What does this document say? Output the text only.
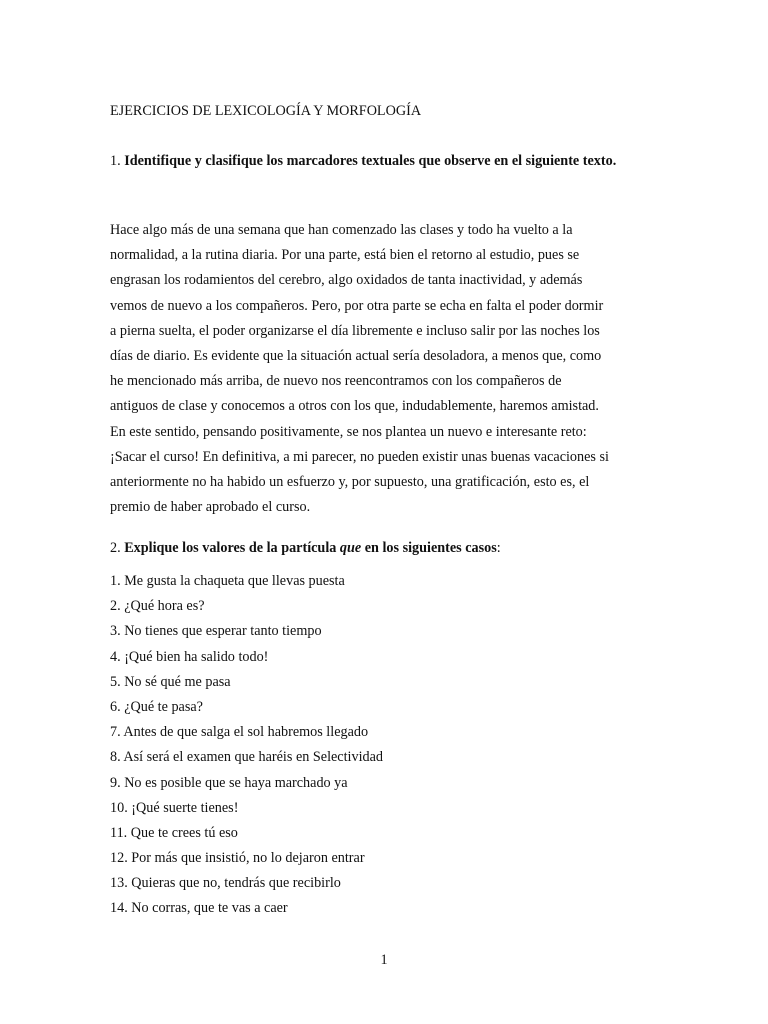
EJERCICIOS DE LEXICOLOGÍA Y MORFOLOGÍA
1. Identifique y clasifique los marcadores textuales que observe en el siguiente texto.
Hace algo más de una semana que han comenzado las clases y todo ha vuelto a la
normalidad, a la rutina diaria. Por una parte, está bien el retorno al estudio, pues se
engrasan los rodamientos del cerebro, algo oxidados de tanta inactividad, y además
vemos de nuevo a los compañeros. Pero, por otra parte se echa en falta el poder dormir
a pierna suelta, el poder organizarse el día libremente e incluso salir por las noches los
días de diario. Es evidente que la situación actual sería desoladora, a menos que, como
he mencionado más arriba, de nuevo nos reencontramos con los compañeros de
antiguos de clase y conocemos a otros con los que, indudablemente, haremos amistad.
En este sentido, pensando positivamente, se nos plantea un nuevo e interesante reto:
¡Sacar el curso! En definitiva, a mi parecer, no pueden existir unas buenas vacaciones si
anteriormente no ha habido un esfuerzo y, por supuesto, una gratificación, esto es, el
premio de haber aprobado el curso.
2. Explique los valores de la partícula que en los siguientes casos:
1. Me gusta la chaqueta que llevas puesta
2. ¿Qué hora es?
3. No tienes que esperar tanto tiempo
4. ¡Qué bien ha salido todo!
5. No sé qué me pasa
6. ¿Qué te pasa?
7. Antes de que salga el sol habremos llegado
8. Así será el examen que haréis en Selectividad
9. No es posible que se haya marchado ya
10. ¡Qué suerte tienes!
11. Que te crees tú eso
12. Por más que insistió, no lo dejaron entrar
13. Quieras que no, tendrás que recibirlo
14. No corras, que te vas a caer
1
